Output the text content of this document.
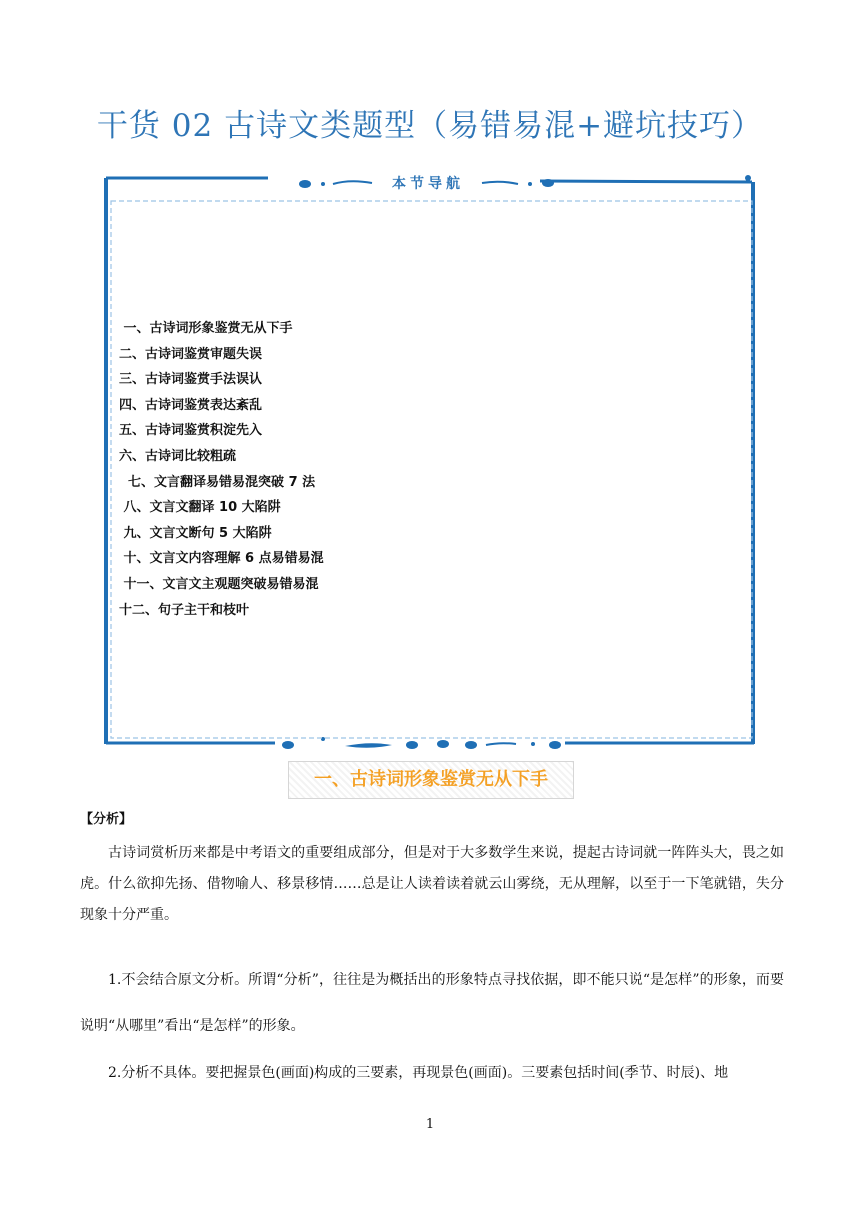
干货 02 古诗文类题型（易错易混+避坑技巧）
本节导航
一、古诗词形象鉴赏无从下手
二、古诗词鉴赏审题失误
三、古诗词鉴赏手法误认
四、古诗词鉴赏表达紊乱
五、古诗词鉴赏积淀先入
六、古诗词比较粗疏
七、文言翻译易错易混突破 7 法
八、文言文翻译 10 大陷阱
九、文言文断句 5 大陷阱
十、文言文内容理解 6 点易错易混
十一、文言文主观题突破易错易混
十二、句子主干和枝叶
一、古诗词形象鉴赏无从下手
【分析】

古诗词赏析历来都是中考语文的重要组成部分，但是对于大多数学生来说，提起古诗词就一阵阵头大，畏之如虎。什么欲抑先扬、借物喻人、移景移情……总是让人读着读着就云山雾绕，无从理解，以至于一下笔就错，失分现象十分严重。

1.不会结合原文分析。所谓“分析”，往往是为概括出的形象特点寻找依据，即不能只说“是怎样”的形象，而要说明“从哪里”看出“是怎样”的形象。

2.分析不具体。要把握景色(画面)构成的三要素，再现景色(画面)。三要素包括时间(季节、时辰)、地

1
